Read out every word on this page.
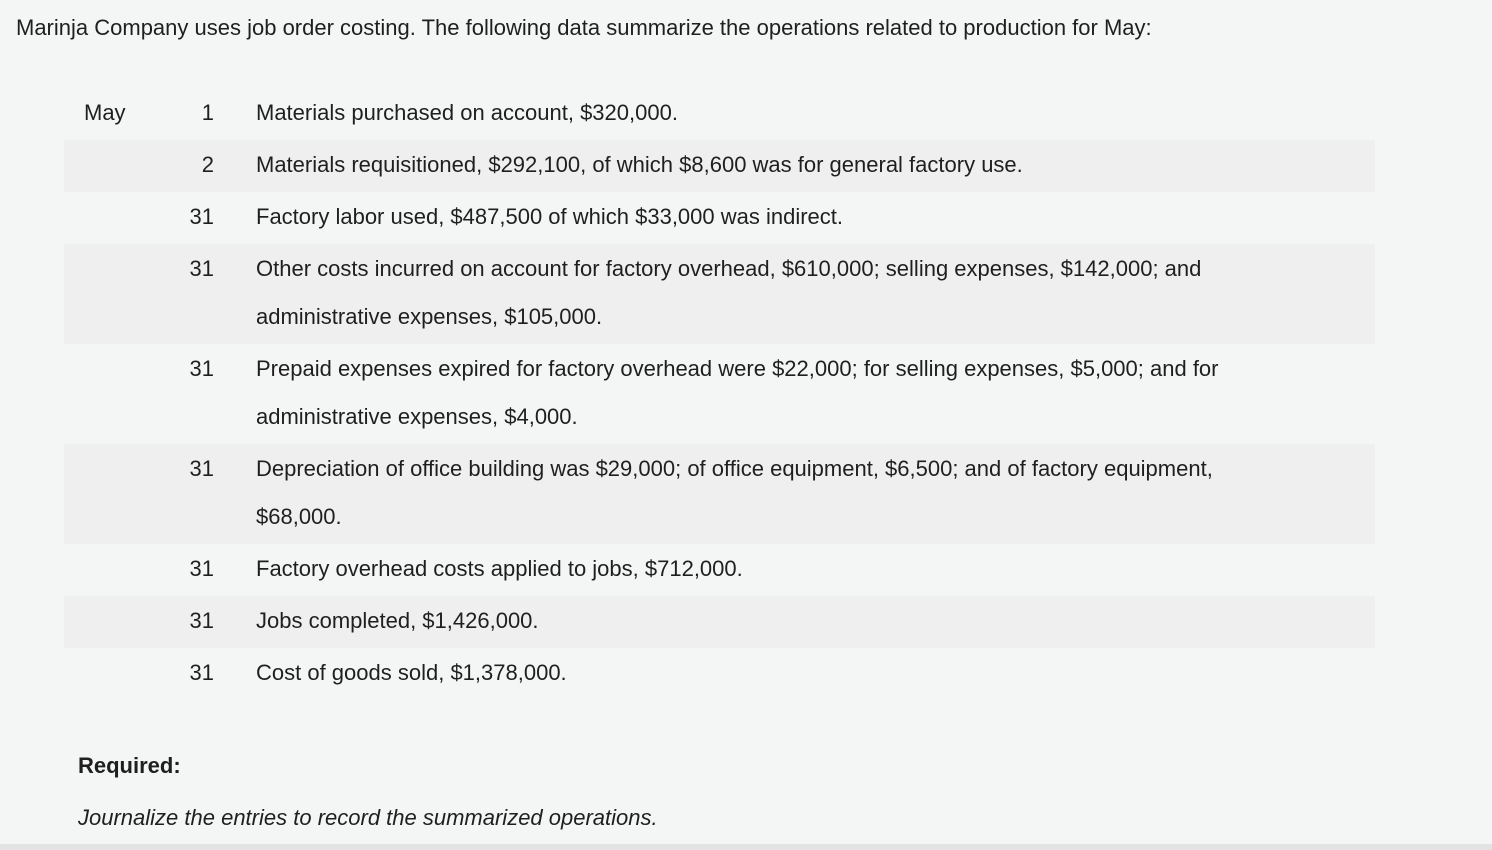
Marinja Company uses job order costing. The following data summarize the operations related to production for May:
May	1 Materials purchased on account, $320,000.
2 Materials requisitioned, $292,100, of which $8,600 was for general factory use.
31 Factory labor used, $487,500 of which $33,000 was indirect.
31 Other costs incurred on account for factory overhead, $610,000; selling expenses, $142,000; and
administrative expenses, $105,000.
31 Prepaid expenses expired for factory overhead were $22,000; for selling expenses, $5,000; and for
administrative expenses, $4,000.
31 Depreciation of office building was $29,000; of office equipment, $6,500; and of factory equipment,
$68,000.
31 Factory overhead costs applied to jobs, $712,000.
31 Jobs completed, $1,426,000.
31 Cost of goods sold, $1,378,000.
Required:
Journalize the entries to record the summarized operations.
